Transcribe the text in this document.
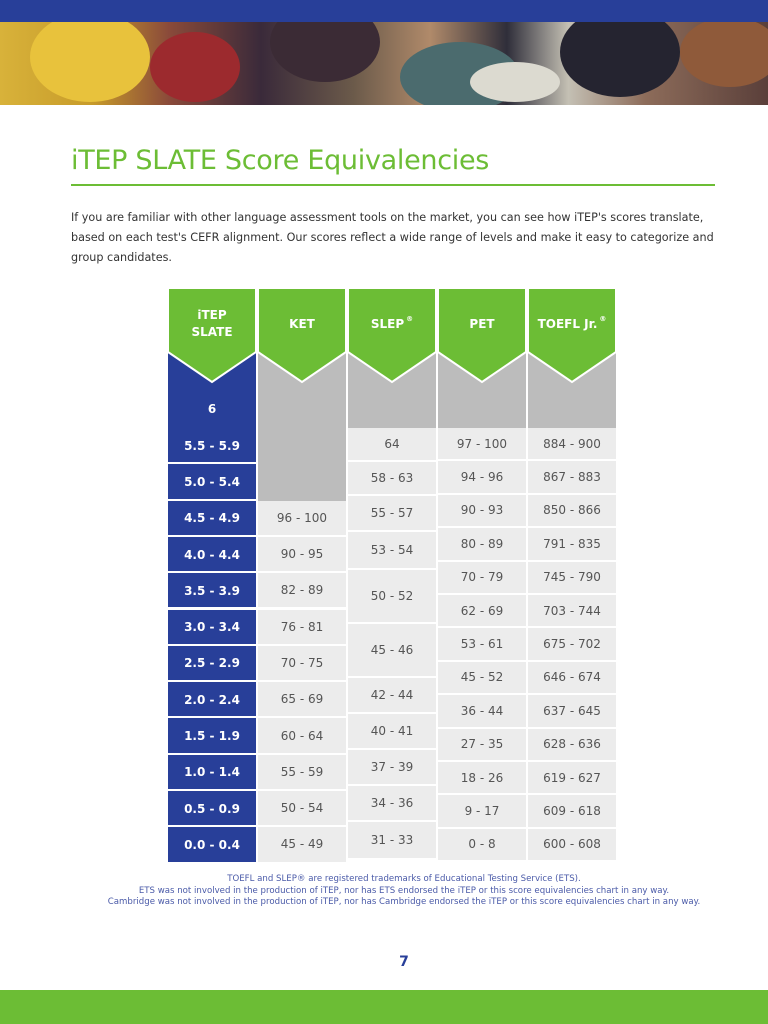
iTEP SLATE Score Equivalencies

If you are familiar with other language assessment tools on the market, you can see how iTEP's scores translate, based on each test's CEFR alignment. Our scores reflect a wide range of levels and make it easy to categorize and group candidates.

iTEP
SLATE
6
5.5 - 5.9
5.0 - 5.4
4.5 - 4.9
4.0 - 4.4
3.5 - 3.9
3.0 - 3.4
2.5 - 2.9
2.0 - 2.4
1.5 - 1.9
1.0 - 1.4
0.5 - 0.9
0.0 - 0.4
KET
96 - 100
90 - 95
82 - 89
76 - 81
70 - 75
65 - 69
60 - 64
55 - 59
50 - 54
45 - 49
SLEP ®
64
58 - 63
55 - 57
53 - 54
50 - 52
45 - 46
42 - 44
40 - 41
37 - 39
34 - 36
31 - 33
PET
97 - 100
94 - 96
90 - 93
80 - 89
70 - 79
62 - 69
53 - 61
45 - 52
36 - 44
27 - 35
18 - 26
9 - 17
0 - 8
TOEFL Jr. ®
884 - 900
867 - 883
850 - 866
791 - 835
745 - 790
703 - 744
675 - 702
646 - 674
637 - 645
628 - 636
619 - 627
609 - 618
600 - 608
TOEFL and SLEP® are registered trademarks of Educational Testing Service (ETS).
ETS was not involved in the production of iTEP, nor has ETS endorsed the iTEP or this score equivalencies chart in any way.
Cambridge was not involved in the production of iTEP, nor has Cambridge endorsed the iTEP or this score equivalencies chart in any way.
7
